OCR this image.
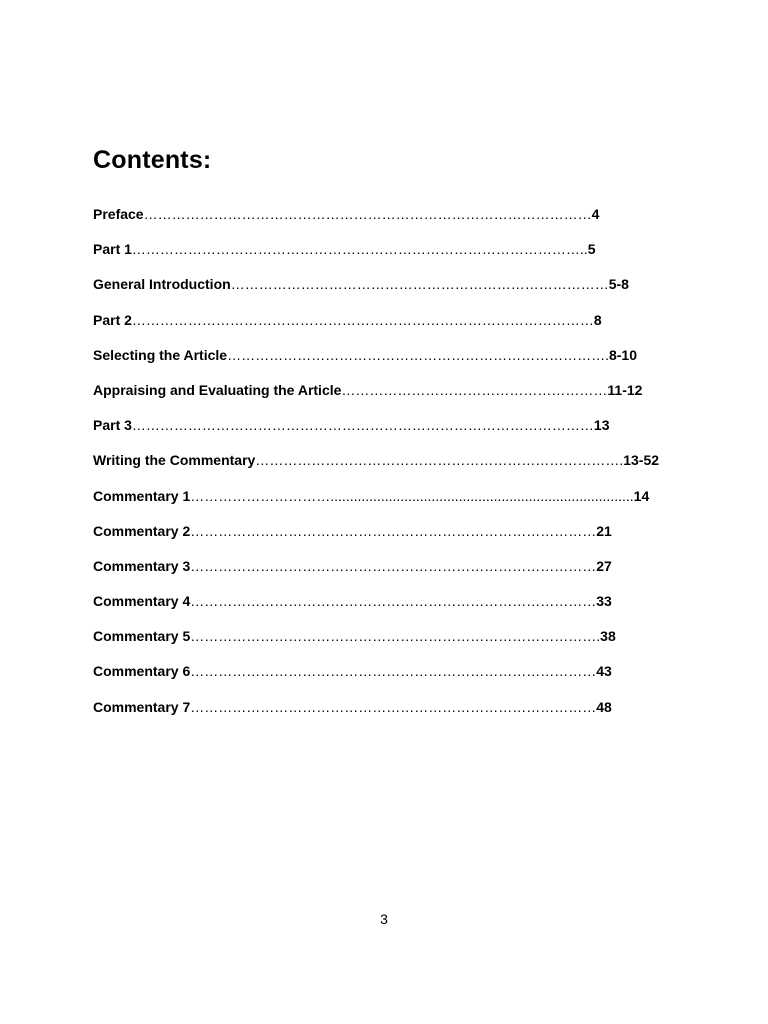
Contents:
Preface……………………………………………………………………………………4
Part 1……………………………………………………………………………………..5
General Introduction………………………………………………………………………5-8
Part 2………………………………………………………………………………………8
Selecting the Article……………………………………………………………………….8-10
Appraising and Evaluating the Article…………………………………………………11-12
Part 3………………………………………………………………………………………13
Writing the Commentary…………………………………………………………………….13-52
Commentary 1…………………………..............................................................................14
Commentary 2……………………………………………………………………………21
Commentary 3……………………………………………………………………………27
Commentary 4……………………………………………………………………………33
Commentary 5…………………………………………………………………………….38
Commentary 6……………………………………………………………………………43
Commentary 7……………………………………………………………………………48
3
